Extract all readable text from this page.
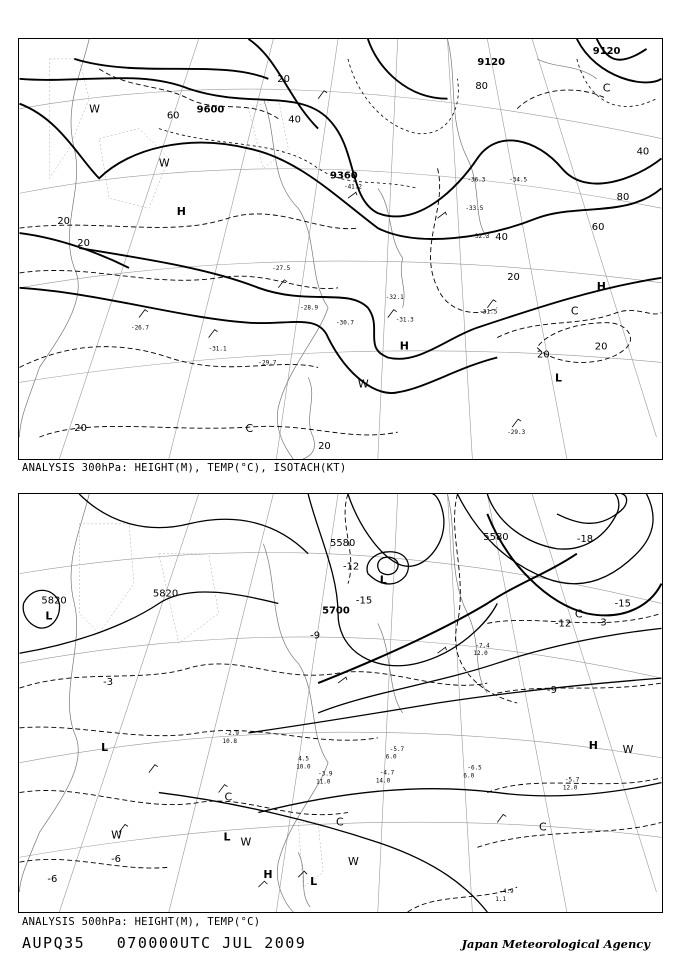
9600
9120
9120
9360
20
20
20
20
20
40
40
40
60
60
80
80
20
20
20
H
H
H
C
C
C
L
W
W
W
-31.3
-31.5
-32.1
-30.7
-29.7
-31.1
-29.3
-26.7
-28.9
-27.5
-36.3	-34.5
-33.5
-32.3
-41.2
ANALYSIS 300hPa: HEIGHT(M), TEMP(°C), ISOTACH(KT)
5820
5820
5580
5700
5580
-3
-6
-9
-12
-15
-18
-15
-12
-9
-6
-3
L
L
L
L
L
H
H
C
C	C
C
W
W
W
W
-6.5
6.0
-5.7
12.0
-4.9
1.1
-4.7
14.0
-5.7
6.0
-3.9
11.0
4.5
10.0
-2.9
10.8
-7.4
12.0
ANALYSIS 500hPa: HEIGHT(M), TEMP(°C)
AUPQ35 070000UTC JUL 2009	Japan Meteorological Agency
